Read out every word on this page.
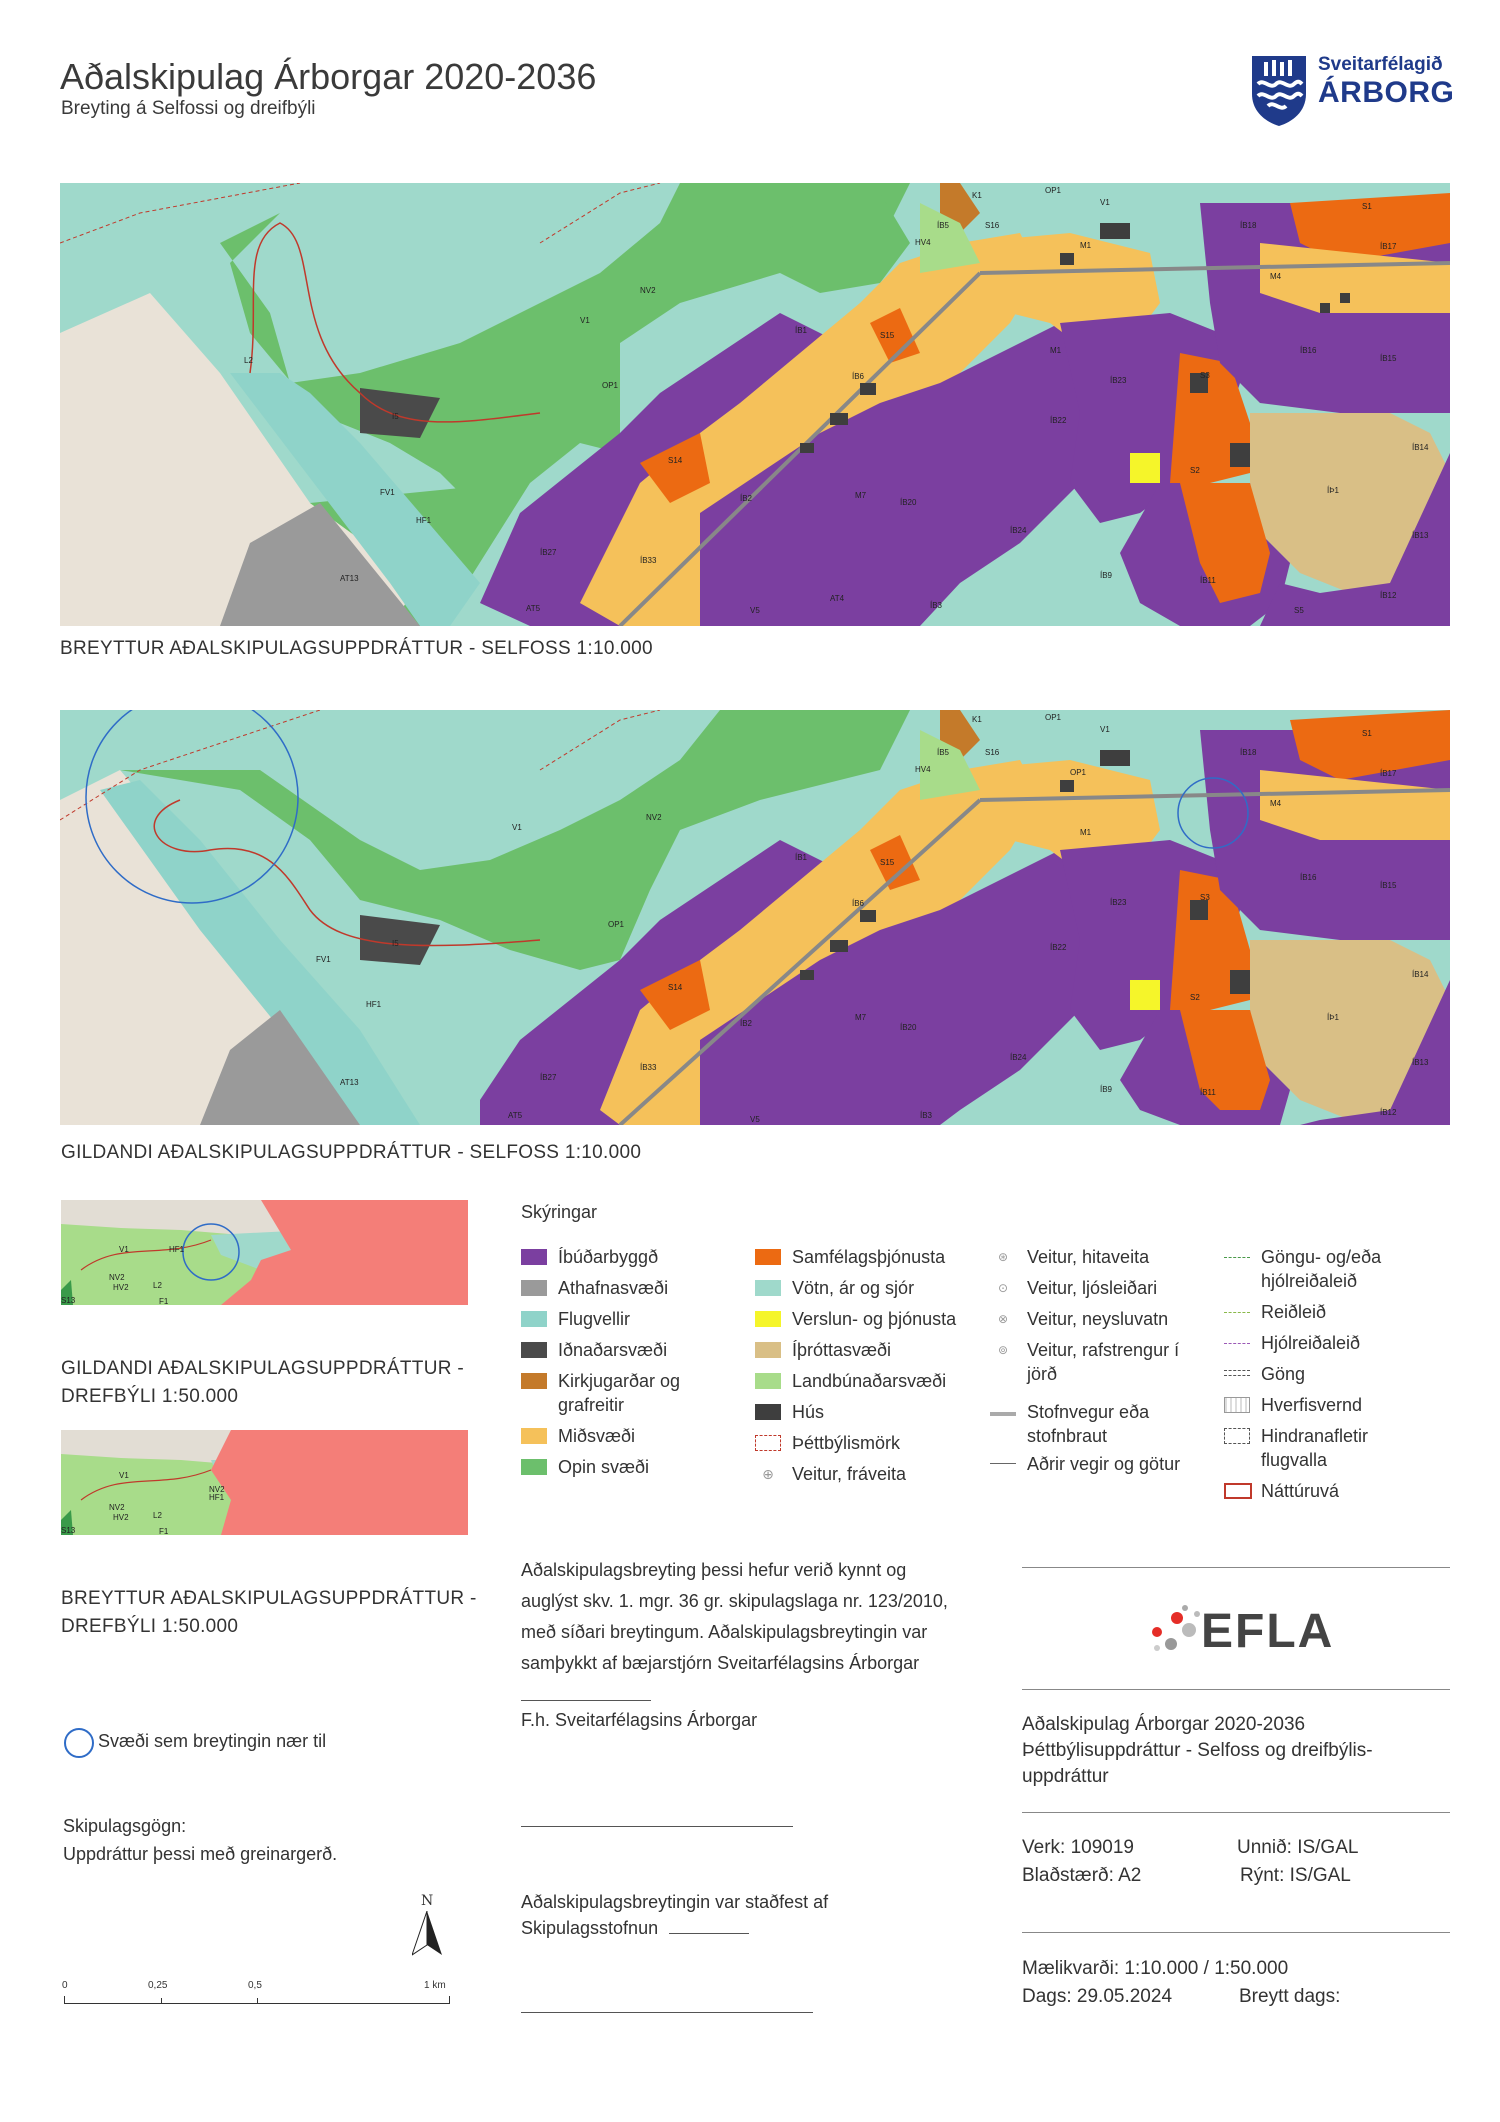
Aðalskipulag Árborgar 2020-2036
Breyting á Selfossi og dreifbýli
Sveitarfélagið
ÁRBORG
NV2
V1
OP1
L2
I5
FV1
HF1
AT13
S14
ÍB1
S15
ÍB6
ÍB27
ÍB33
ÍB2	M7
ÍB20
AT5	V5
AT4
ÍB3
K1
ÍB5
HV4
S16
OP1
V1
M1
M4
M1
ÍB22
ÍB23
S3
S2
ÍB16
ÍB15
ÍB14
ÍB13
ÍB12
ÍB24
ÍB9
ÍB11
ÍÞ1
S1
ÍB18
ÍB17
S5
BREYTTUR AÐALSKIPULAGSUPPDRÁTTUR - SELFOSS 1:10.000
NV2
V1
OP1
I5
FV1
HF1
AT13
S14
ÍB1
S15
ÍB6
ÍB27
ÍB33
ÍB2
M7
ÍB20
AT5	V5	ÍB3
K1
ÍB5
HV4
S16
OP1
OP1
V1
M1
M4
ÍB22
ÍB23
S3
S2
ÍB16
ÍB15
ÍB14
ÍB13
ÍB12
ÍB24
ÍB9	ÍB11
ÍÞ1
S1
ÍB18
ÍB17
GILDANDI AÐALSKIPULAGSUPPDRÁTTUR - SELFOSS 1:10.000
V1	HF1
NV2
HV2	L2
F1
S13
GILDANDI AÐALSKIPULAGSUPPDRÁTTUR - DREFBÝLI 1:50.000
V1
NV2
HV2	L2
NV2
HF1
F1
S13
BREYTTUR AÐALSKIPULAGSUPPDRÁTTUR - DREFBÝLI 1:50.000
Skýringar
Íbúðarbyggð
Athafnasvæði
Flugvellir
Iðnaðarsvæði
Kirkjugarðar og grafreitir
Miðsvæði
Opin svæði
Samfélagsþjónusta
Vötn, ár og sjór
Verslun- og þjónusta
Íþróttasvæði
Landbúnaðarsvæði
Hús
Þéttbýlismörk
⊕	Veitur, fráveita
⊛	Veitur, hitaveita
⊙	Veitur, ljósleiðari
⊗	Veitur, neysluvatn
⊚	Veitur, rafstrengur í jörð
Stofnvegur eða stofnbraut
Aðrir vegir og götur
Göngu- og/eða hjólreiðaleið
Reiðleið
Hjólreiðaleið
Göng
Hverfisvernd
Hindranafletir flugvalla
Náttúruvá
Svæði sem breytingin nær til
Skipulagsgögn:
Uppdráttur þessi með greinargerð.
N
0	0,25	0,5	1 km
Aðalskipulagsbreyting þessi hefur verið kynnt og auglýst skv. 1. mgr. 36 gr. skipulagslaga nr. 123/2010, með síðari breytingum. Aðalskipulagsbreytingin var samþykkt af bæjarstjórn Sveitarfélagsins Árborgar
F.h. Sveitarfélagsins Árborgar
Aðalskipulagsbreytingin var staðfest af Skipulagsstofnun
EFLA
Aðalskipulag Árborgar 2020-2036
Þéttbýlisuppdráttur - Selfoss og dreifbýlis-uppdráttur
Verk: 109019	Unnið: IS/GAL
Blaðstærð: A2	Rýnt: IS/GAL
Mælikvarði: 1:10.000 / 1:50.000
Dags: 29.05.2024	Breytt dags:
